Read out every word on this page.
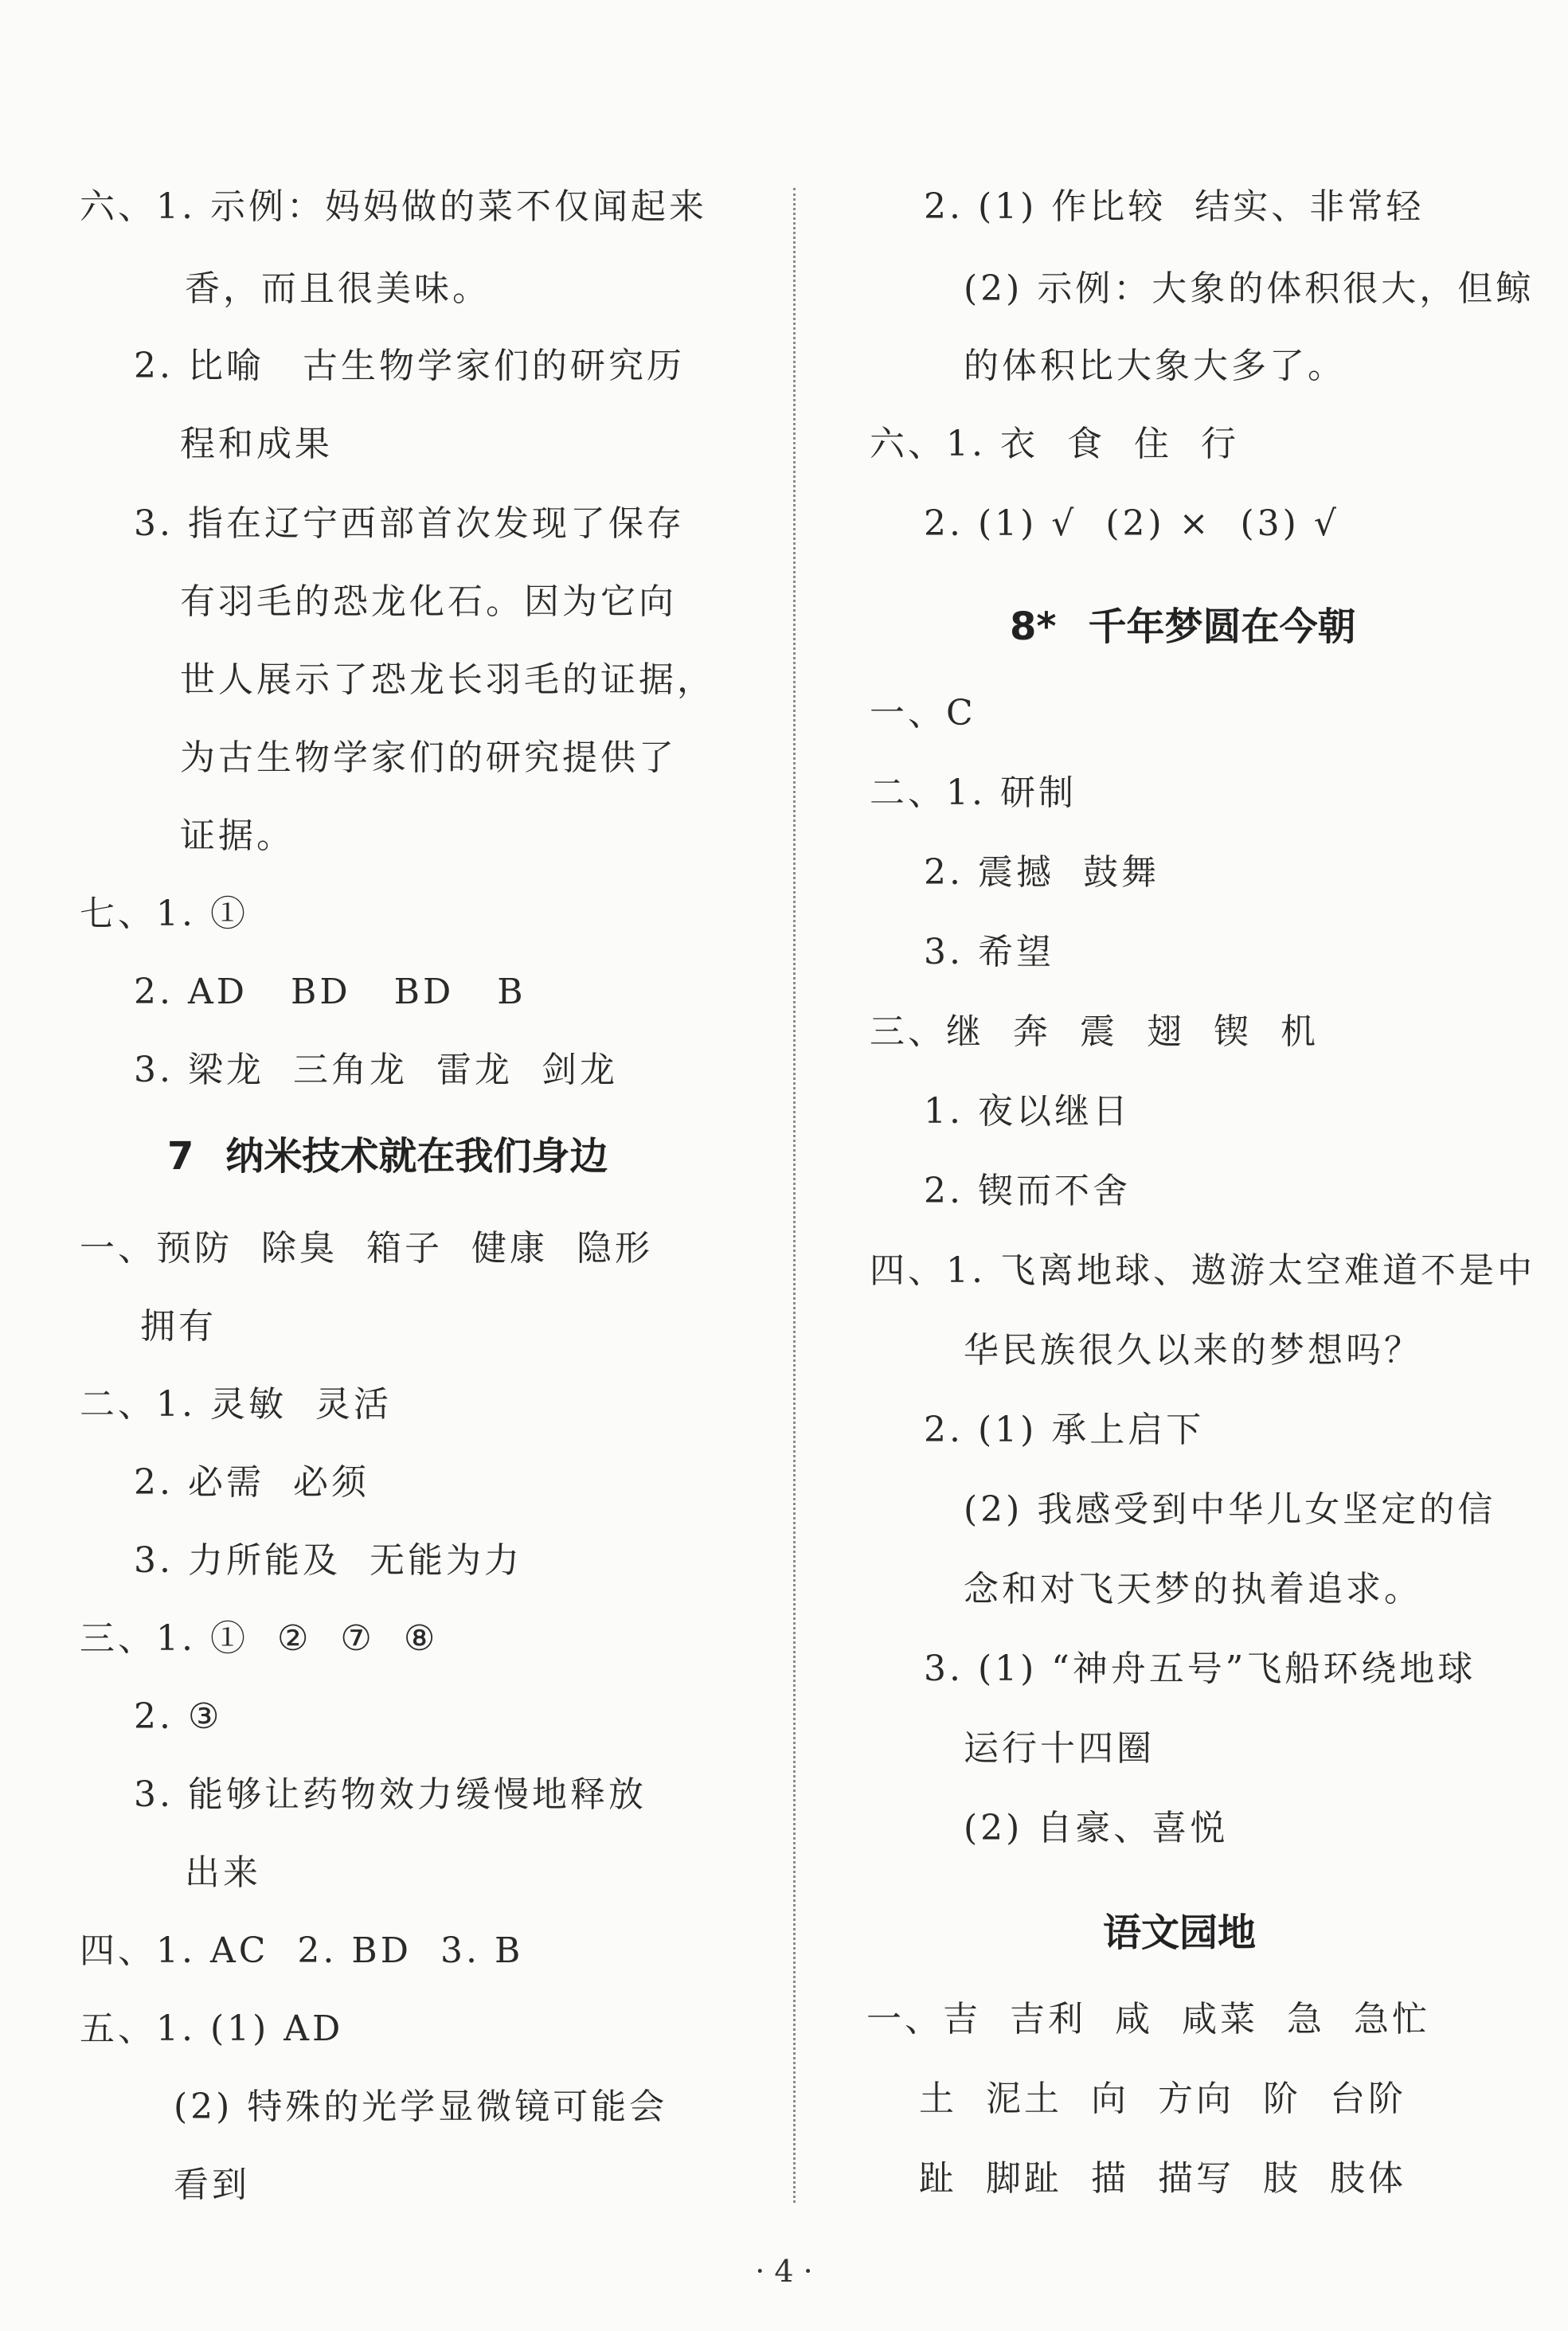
六、1. 示例：妈妈做的菜不仅闻起来
香，而且很美味。
2. 比喻　古生物学家们的研究历
程和成果
3. 指在辽宁西部首次发现了保存
有羽毛的恐龙化石。因为它向
世人展示了恐龙长羽毛的证据，
为古生物学家们的研究提供了
证据。
七、1. ①
2. AD BD BD B
3. 梁龙 三角龙 雷龙 剑龙
7 纳米技术就在我们身边
一、预防 除臭 箱子 健康 隐形
拥有
二、1. 灵敏 灵活
2. 必需 必须
3. 力所能及 无能为力
三、1. ① ② ⑦ ⑧
2. ③
3. 能够让药物效力缓慢地释放
出来
四、1. AC 2. BD 3. B
五、1. (1) AD
(2) 特殊的光学显微镜可能会
看到
2. (1) 作比较 结实、非常轻
(2) 示例：大象的体积很大，但鲸
的体积比大象大多了。
六、1. 衣 食 住 行
2. (1) √ (2) × (3) √
8* 千年梦圆在今朝
一、C
二、1. 研制
2. 震撼 鼓舞
3. 希望
三、继 奔 震 翅 锲 机
1. 夜以继日
2. 锲而不舍
四、1. 飞离地球、遨游太空难道不是中
华民族很久以来的梦想吗？
2. (1) 承上启下
(2) 我感受到中华儿女坚定的信
念和对飞天梦的执着追求。
3. (1) “神舟五号”飞船环绕地球
运行十四圈
(2) 自豪、喜悦
语文园地
一、吉 吉利 咸 咸菜 急 急忙
土 泥土 向 方向 阶 台阶
趾 脚趾 描 描写 肢 肢体
· 4 ·
